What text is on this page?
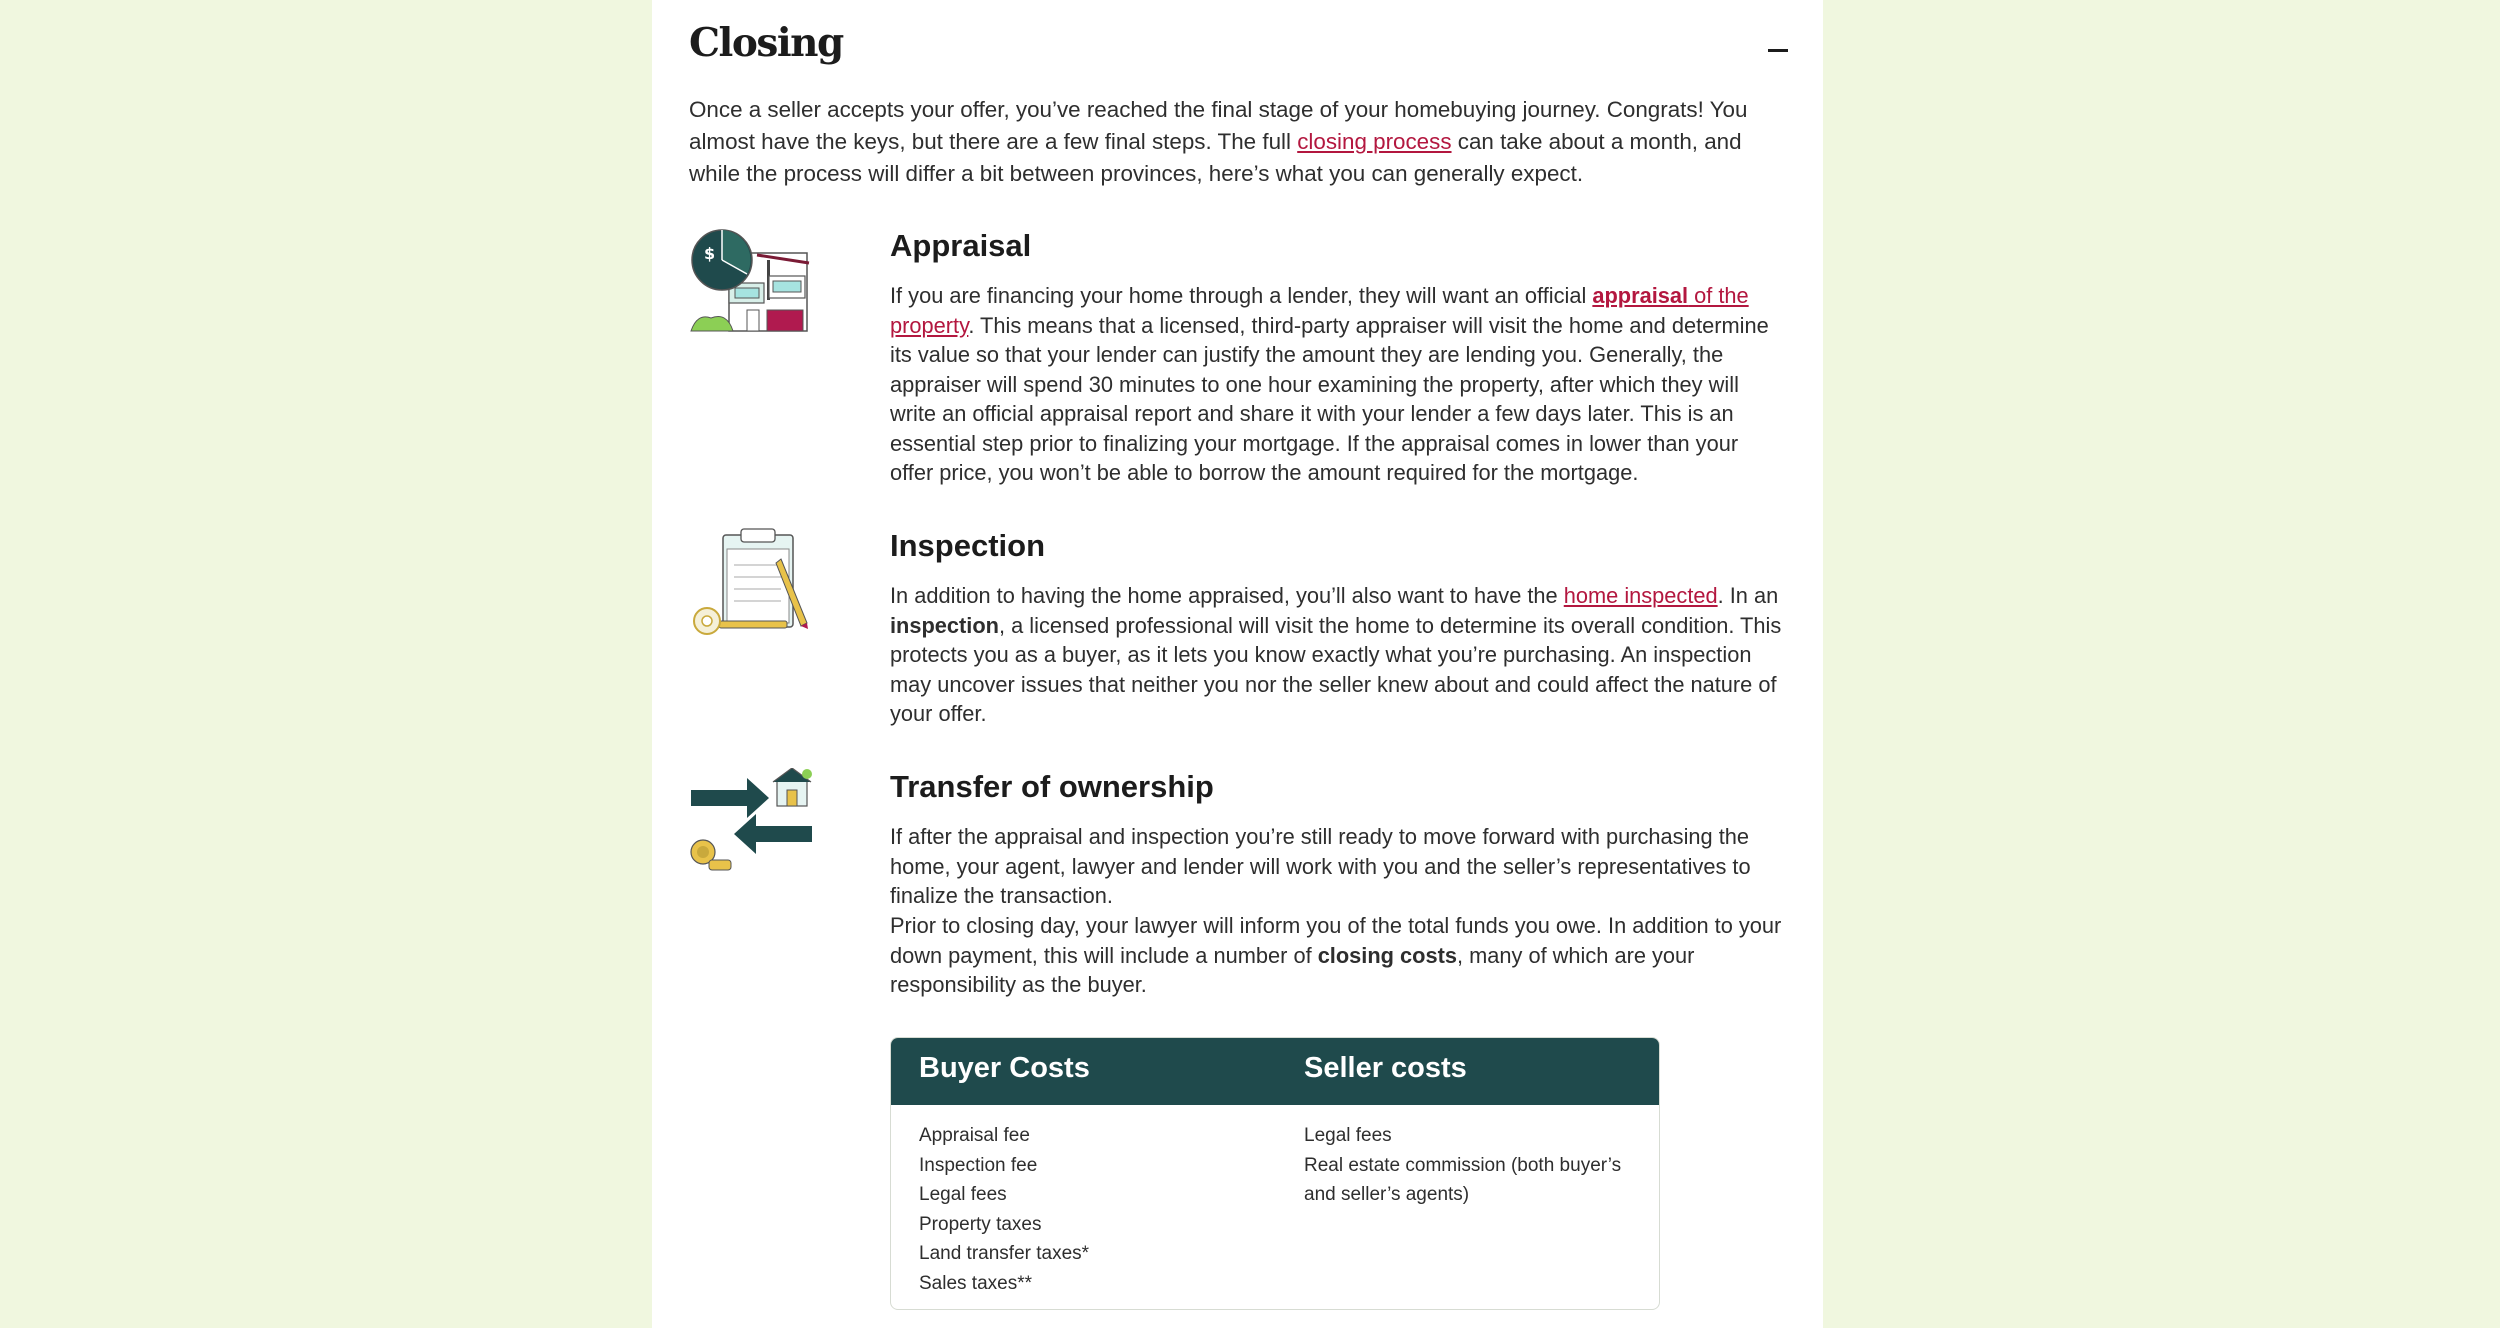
Closing

Once a seller accepts your offer, you’ve reached the final stage of your homebuying journey. Congrats! You almost have the keys, but there are a few final steps. The full closing process can take about a month, and while the process will differ a bit between provinces, here’s what you can generally expect.

$	Appraisal

If you are financing your home through a lender, they will want an official appraisal of the property. This means that a licensed, third-party appraiser will visit the home and determine its value so that your lender can justify the amount they are lending you. Generally, the appraiser will spend 30 minutes to one hour examining the property, after which they will write an official appraisal report and share it with your lender a few days later. This is an essential step prior to finalizing your mortgage. If the appraisal comes in lower than your offer price, you won’t be able to borrow the amount required for the mortgage.

Inspection

In addition to having the home appraised, you’ll also want to have the home inspected. In an inspection, a licensed professional will visit the home to determine its overall condition. This protects you as a buyer, as it lets you know exactly what you’re purchasing. An inspection may uncover issues that neither you nor the seller knew about and could affect the nature of your offer.

Transfer of ownership

If after the appraisal and inspection you’re still ready to move forward with purchasing the home, your agent, lawyer and lender will work with you and the seller’s representatives to finalize the transaction.

Prior to closing day, your lawyer will inform you of the total funds you owe. In addition to your down payment, this will include a number of closing costs, many of which are your responsibility as the buyer.

Buyer Costs	Seller costs
Appraisal fee
Inspection fee
Legal fees
Property taxes
Land transfer taxes*
Sales taxes**
Legal fees
Real estate commission (both buyer’s
and seller’s agents)
